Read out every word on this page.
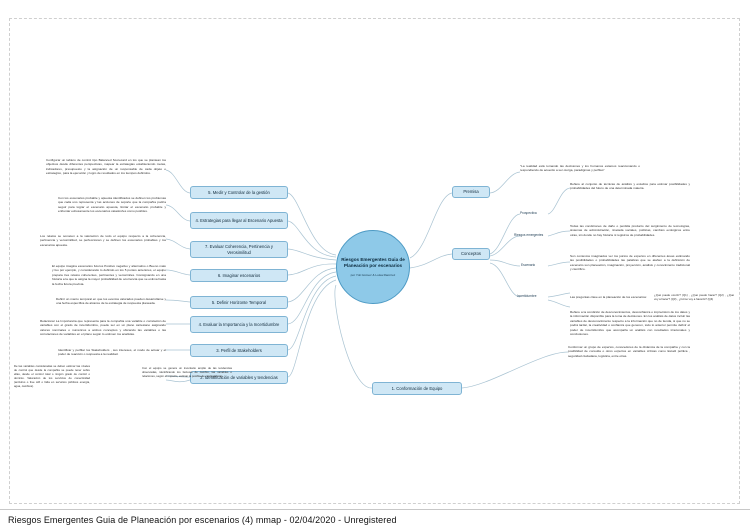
Riesgos Emergentes Guia de Planeación por escenarios
por Yoli Gómez & Luisa Ramírez
5. Medir y Controlar de la gestión
4. Estrategias para llegar al Escenario Apuesta
7. Evaluar Coherencia, Pertinencia y Verosimilitud
6. Imaginar escenarios
5. Definir Horizonte Temporal
4. Evaluar la Importancia y la Incertidumbre
3. Perfil de Stakeholders
2. Identificación de variables y tendencias
1. Conformación de Equipo
Premisa
Conceptos
Prospectiva
Riesgos emergentes
Escenario
Incertidumbre
Configurar un tablero de control tipo Balanced Scorecard en los que se plantean los objetivos desde diferentes perspectivas, mapear la estrategias estableciendo metas, indicadores, presupuesto y la asignación de un responsable de cada objeto o estrategico, para la ejecución y logro de resultados en los tiempos definidos.
Con los escenarios probable y apuesta identificados se definen los problemas que cada uno representa y las acciones de soporte que la compañía podría seguir para lograr el escenario apuesta, limitar el escenario probable y enfrentar exitosamente los escenarios catastrofes como posibles.
Los relatos se someten a la valoración de todo el equipo respecto a la coherencia, pertinencia y verosimilitud, se perfeccionan y se definen los escenarios probables y los escenarios apuesta.
El equipo imagina escenarios futuros Positivo negativo y alternativo o Bueno malo y feo por ejemplo, y considerando lo definido en los 5 puntos anteriores, el equipo prepara tres relatos coherentes, pertinentes y verosímiles. Consignando en una historia a la que le asigna la mayor probabilidad de ocurrencia que se estima hasta la fecha futura prevista.
Definir un marco temporal en que los eventos valorados pueden desarrollarse y una fecha específica de alcance de la estrategia de respuesta planeada.
Relacionar La Importancia que representa para la compañía una variable o correlación de variables con el grado de incertidumbre, puede ser en un plano cartesiano asignando valores nominales o numéricos a ambos conceptos y ubicando las variables o las correlaciones de variables en el plano según lo estimen los analistas.
Identificar y perfilar los Stakeholders , sus intereses, el modo de actuar y el poder de reacción o respuesta a la realidad.
De las variables consideradas se deben estimar las niveles de control que desde la compañía se puede tener sobre ellas, desde el control total o ningún grado de control o dominio. Valoración de los servicios de conectividad (antivirus o free wifi o falta en servicios públicos energía, agua, cambios).
Con el equipo se genera un inventario amplio de las tendencias observadas, identificando los factores de cambio, las variables o relaciones, según el impacto, estimar la posible de contingencias.
"La realidad está tomando las decisiones y los humanos estamos reaccionando o respondiendo de acuerdo a ser otorga, paradigmas y perfiles"
Refiere al conjunto de técnicas de análisis y estudios para estimar posibilidades y probabilidades del futuro de una determinada materia.
Todas las condiciones de daño o perdida producto del surgimiento de tecnologías, sistemas de administración, nivelada sociales, políticas, cambios ecológicos entre otras, sin donde no hay historia ni registros de probabilidades.
Son contextos imaginados ver los juicios de expertos en diferentes áreas estimando las posibilidades o probabilidades las palabras que se atañen a la definición de escenario son planeación, imaginación, proyección, análisis y conocimiento tradicional y científico.
Las preguntas clave en la planeación de los escenarios:	¿Qué puede ocurrir? (Q1) , ¿Qué puedo hacer? (Q2) , ¿Qué voy a hacer? (Q3) , ¿Cómo voy a hacerlo? (Q4)
Refiere a la condición de desconocimientos, desconfianza o imprecisión de los datos y la información disponible para la toma de decisiones. En los análisis de datos incluir las variables de desconocimiento respecto a la información que no de tienda, si que no se podrá tardar, la creatividad o confianza que generen, todo lo anterior permite definir el poder de incertidumbre que acompaña un análisis con resultados irracionales y conclusiones.
Conformar un grupo de expertos, conocedores de la dinámica de la compañía y con la posibilidad de consulta o otros expertos en variables críticas como Estudi política , seguridad ciudadana, logística, entre otras.
Riesgos Emergentes Guia de Planeación por escenarios (4) mmap - 02/04/2020 - Unregistered
